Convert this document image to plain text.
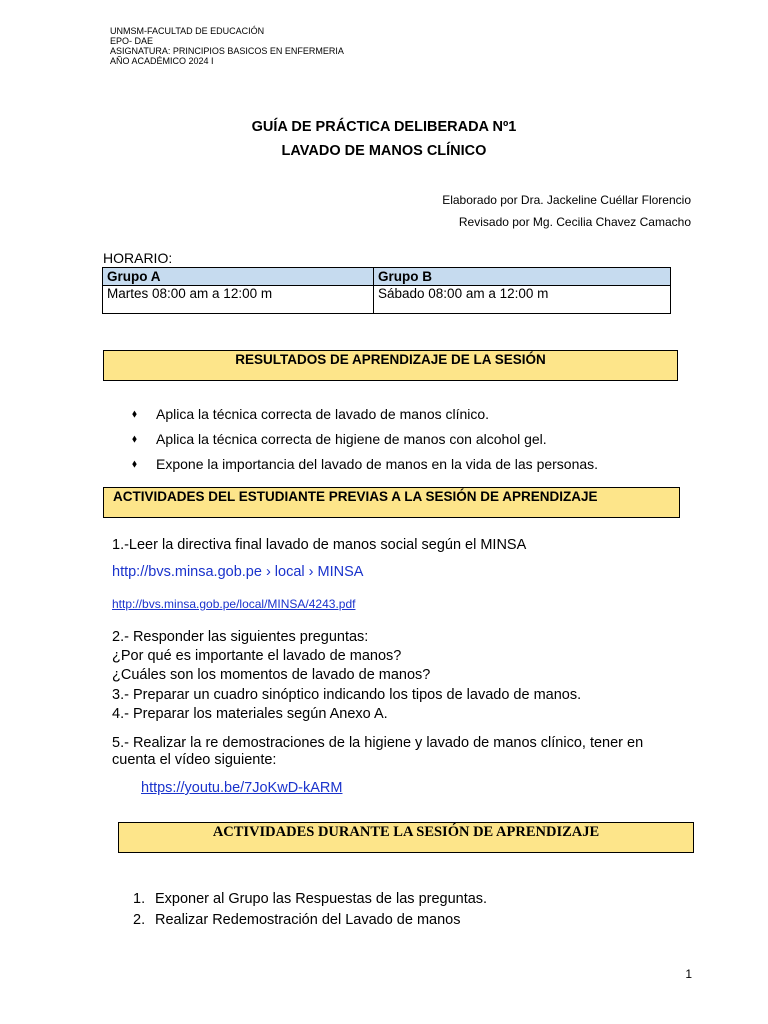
UNMSM-FACULTAD DE EDUCACIÓN
EPO- DAE
ASIGNATURA: PRINCIPIOS BASICOS EN ENFERMERIA
AÑO ACADÉMICO 2024 I
GUÍA DE PRÁCTICA DELIBERADA Nº1
LAVADO DE MANOS CLÍNICO
Elaborado por Dra. Jackeline Cuéllar Florencio
Revisado por Mg. Cecilia Chavez Camacho
HORARIO:
Grupo A	Grupo B
Martes 08:00 am a 12:00 m	Sábado 08:00 am a 12:00 m
RESULTADOS DE APRENDIZAJE DE LA SESIÓN
⬧ Aplica la técnica correcta de lavado de manos clínico.
⬧ Aplica la técnica correcta de higiene de manos con alcohol gel.
⬧ Expone la importancia del lavado de manos en la vida de las personas.
ACTIVIDADES DEL ESTUDIANTE PREVIAS A LA SESIÓN DE APRENDIZAJE
1.-Leer la directiva final lavado de manos social según el MINSA
http://bvs.minsa.gob.pe › local › MINSA
http://bvs.minsa.gob.pe/local/MINSA/4243.pdf
2.- Responder las siguientes preguntas:
¿Por qué es importante el lavado de manos?
¿Cuáles son los momentos de lavado de manos?
3.- Preparar un cuadro sinóptico indicando los tipos de lavado de manos.
4.- Preparar los materiales según Anexo A.
5.- Realizar la re demostraciones de la higiene y lavado de manos clínico, tener en
cuenta el vídeo siguiente:
https://youtu.be/7JoKwD-kARM
ACTIVIDADES DURANTE LA SESIÓN DE APRENDIZAJE
1. Exponer al Grupo las Respuestas de las preguntas.
2. Realizar Redemostración del Lavado de manos
1
